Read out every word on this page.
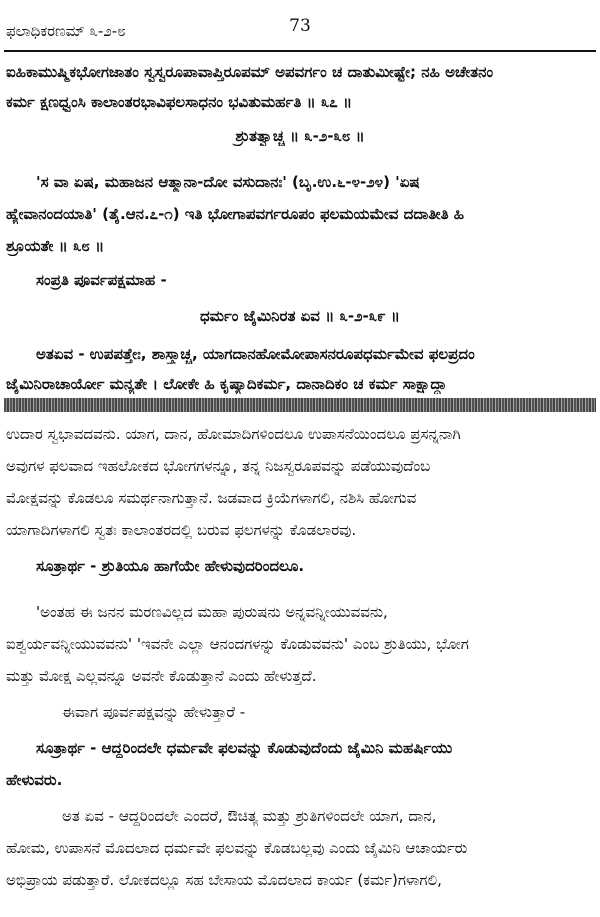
ಫಲಾಧಿಕರಣಮ್ ೩-೨-೮	73
ಐಹಿಕಾಮುಷ್ಮಿಕಭೋಗಜಾತಂ ಸ್ವಸ್ವರೂಪಾವಾಪ್ತಿರೂಪಮ್ ಅಪವರ್ಗಂ ಚ ದಾತುಮೀಷ್ಟೇ; ನಹಿ ಅಚೇತನಂ
ಕರ್ಮ ಕ್ಷಣಧ್ವಂಸಿ ಕಾಲಾಂತರಭಾವಿಫಲಸಾಧನಂ ಭವಿತುಮರ್ಹತಿ ॥ ೩೭ ॥
ಶ್ರುತತ್ವಾಚ್ಚ ॥ ೩-೨-೩೮ ॥
'ಸ ವಾ ಏಷ, ಮಹಾಜನ ಆತ್ಮಾನಾ-ದೋ ವಸುದಾನಃ' (ಬೃ.ಉ.೬-೪-೨೪) 'ಏಷ
ಹ್ಯೇವಾನಂದಯಾತಿ' (ತೈ.ಆನ.೭-೧) ಇತಿ ಭೋಗಾಪವರ್ಗರೂಪಂ ಫಲಮಯಮೇವ ದದಾತೀತಿ ಹಿ
ಶ್ರೂಯತೇ ॥ ೩೮ ॥
ಸಂಪ್ರತಿ ಪೂರ್ವಪಕ್ಷಮಾಹ -
ಧರ್ಮಂ ಜೈಮಿನಿರತ ಏವ ॥ ೩-೨-೩೯ ॥
ಅತಏವ - ಉಪಪತ್ತೇಃ, ಶಾಸ್ತ್ರಾಚ್ಚ, ಯಾಗದಾನಹೋಮೋಪಾಸನರೂಪಧರ್ಮಮೇವ ಫಲಪ್ರದಂ
ಜೈಮಿನಿರಾಚಾರ್ಯೋ ಮನ್ಯತೇ । ಲೋಕೇ ಹಿ ಕೃಷ್ಯಾದಿಕರ್ಮ, ದಾನಾದಿಕಂ ಚ ಕರ್ಮ ಸಾಕ್ಷಾದ್ಧಾ
ಉದಾರ ಸ್ವಭಾವದವನು. ಯಾಗ, ದಾನ, ಹೋಮಾದಿಗಳಿಂದಲೂ ಉಪಾಸನೆಯಿಂದಲೂ ಪ್ರಸನ್ನನಾಗಿ
ಅವುಗಳ ಫಲವಾದ ಇಹಲೋಕದ ಭೋಗಗಳನ್ನೂ, ತನ್ನ ನಿಜಸ್ವರೂಪವನ್ನು ಪಡೆಯುವುದೆಂಬ
ಮೋಕ್ಷವನ್ನು ಕೊಡಲೂ ಸಮರ್ಥನಾಗುತ್ತಾನೆ. ಜಡವಾದ ಕ್ರಿಯೆಗಳಾಗಲಿ, ನಶಿಸಿ ಹೋಗುವ
ಯಾಗಾದಿಗಳಾಗಲಿ ಸ್ವತಃ ಕಾಲಾಂತರದಲ್ಲಿ ಬರುವ ಫಲಗಳನ್ನು ಕೊಡಲಾರವು.
ಸೂತ್ರಾರ್ಥ - ಶ್ರುತಿಯೂ ಹಾಗೆಯೇ ಹೇಳುವುದರಿಂದಲೂ.
'ಅಂತಹ ಈ ಜನನ ಮರಣವಿಲ್ಲದ ಮಹಾ ಪುರುಷನು ಅನ್ನವನ್ನೀಯುವವನು,
ಐಶ್ವರ್ಯವನ್ನೀಯುವವನು' 'ಇವನೇ ಎಲ್ಲಾ ಆನಂದಗಳನ್ನು ಕೊಡುವವನು' ಎಂಬ ಶ್ರುತಿಯು, ಭೋಗ
ಮತ್ತು ಮೋಕ್ಷ ಎಲ್ಲವನ್ನೂ ಅವನೇ ಕೊಡುತ್ತಾನೆ ಎಂದು ಹೇಳುತ್ತದೆ.
ಈವಾಗ ಪೂರ್ವಪಕ್ಷವನ್ನು ಹೇಳುತ್ತಾರೆ -
ಸೂತ್ರಾರ್ಥ - ಆದ್ದರಿಂದಲೇ ಧರ್ಮವೇ ಫಲವನ್ನು ಕೊಡುವುದೆಂದು ಜೈಮಿನಿ ಮಹರ್ಷಿಯು
ಹೇಳುವರು.
ಅತ ಏವ - ಆದ್ದರಿಂದಲೇ ಎಂದರೆ, ಔಚಿತ್ಯ ಮತ್ತು ಶ್ರುತಿಗಳಿಂದಲೇ ಯಾಗ, ದಾನ,
ಹೋಮ, ಉಪಾಸನೆ ಮೊದಲಾದ ಧರ್ಮವೇ ಫಲವನ್ನು ಕೊಡಬಲ್ಲವು ಎಂದು ಜೈಮಿನಿ ಆಚಾರ್ಯರು
ಅಭಿಪ್ರಾಯ ಪಡುತ್ತಾರೆ. ಲೋಕದಲ್ಲೂ ಸಹ ಬೇಸಾಯ ಮೊದಲಾದ ಕಾರ್ಯ (ಕರ್ಮ)ಗಳಾಗಲಿ,
